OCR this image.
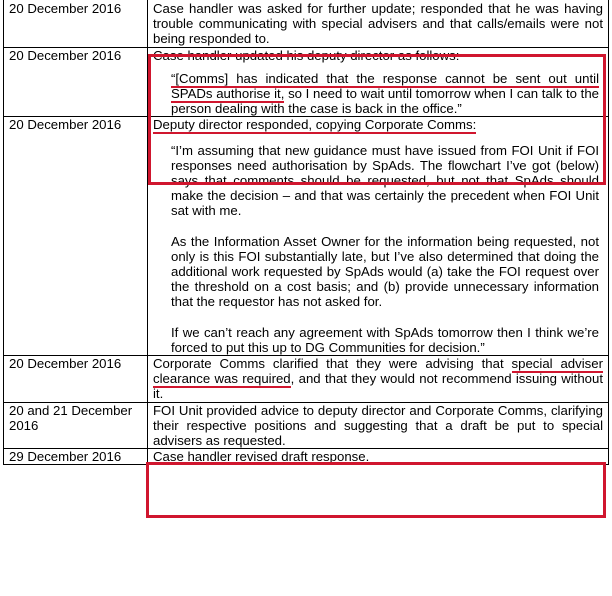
20 December 2016	Case handler was asked for further update; responded that he was having trouble communicating with special advisers and that calls/emails were not being responded to.

20 December 2016	Case handler updated his deputy director as follows:

“[Comms] has indicated that the response cannot be sent out until SPADs authorise it, so I need to wait until tomorrow when I can talk to the person dealing with the case is back in the office.”

20 December 2016	Deputy director responded, copying Corporate Comms:

“I’m assuming that new guidance must have issued from FOI Unit if FOI responses need authorisation by SpAds. The flowchart I’ve got (below) says that comments should be requested, but not that SpAds should make the decision – and that was certainly the precedent when FOI Unit sat with me.

As the Information Asset Owner for the information being requested, not only is this FOI substantially late, but I’ve also determined that doing the additional work requested by SpAds would (a) take the FOI request over the threshold on a cost basis; and (b) provide unnecessary information that the requestor has not asked for.

If we can’t reach any agreement with SpAds tomorrow then I think we’re forced to put this up to DG Communities for decision.”

20 December 2016	Corporate Comms clarified that they were advising that special adviser clearance was required, and that they would not recommend issuing without it.

20 and 21 December 2016	FOI Unit provided advice to deputy director and Corporate Comms, clarifying their respective positions and suggesting that a draft be put to special advisers as requested.

29 December 2016	Case handler revised draft response.
